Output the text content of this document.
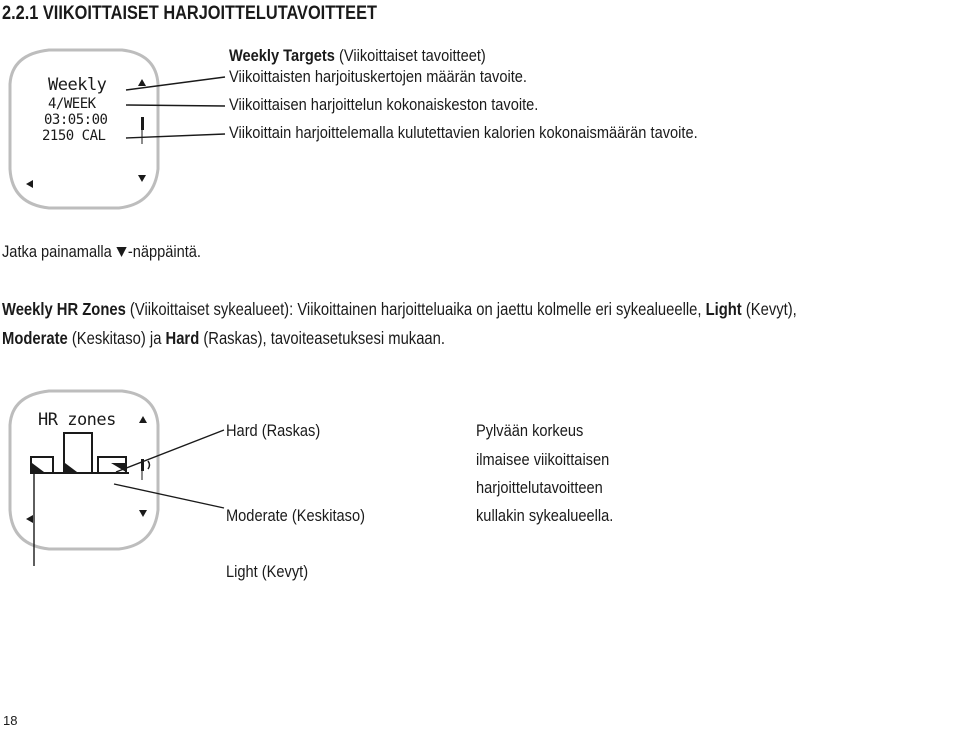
2.2.1 VIIKOITTAISET HARJOITTELUTAVOITTEET
Weekly
4/WEEK
03:05:00
2150 CAL
Weekly Targets (Viikoittaiset tavoitteet)
Viikoittaisten harjoituskertojen määrän tavoite.
Viikoittaisen harjoittelun kokonaiskeston tavoite.
Viikoittain harjoittelemalla kulutettavien kalorien kokonaismäärän tavoite.
Jatka painamalla -näppäintä.
Weekly HR Zones (Viikoittaiset sykealueet): Viikoittainen harjoitteluaika on jaettu kolmelle eri sykealueelle, Light (Kevyt),
Moderate (Keskitaso) ja Hard (Raskas), tavoiteasetuksesi mukaan.
HR zones
Hard (Raskas)
Moderate (Keskitaso)
Light (Kevyt)
Pylvään korkeus
ilmaisee viikoittaisen
harjoittelutavoitteen
kullakin sykealueella.
18
